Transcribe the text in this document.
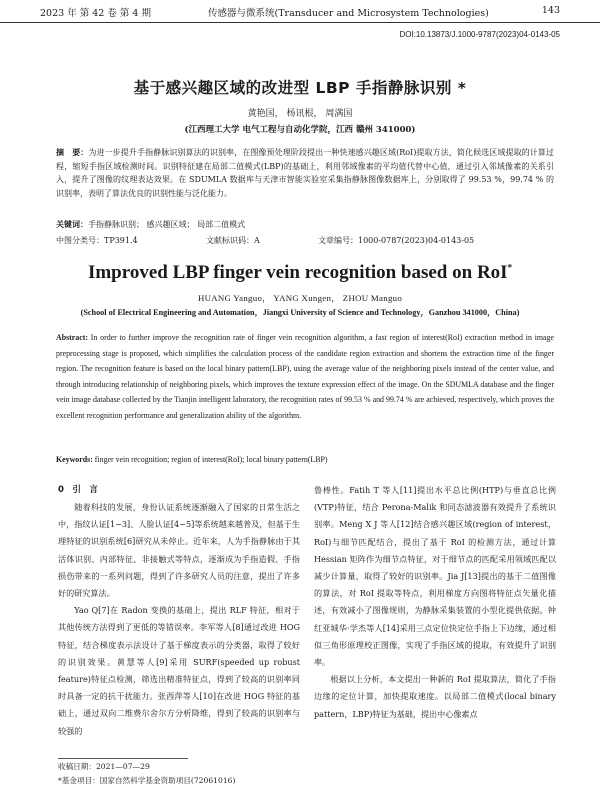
2023 年 第 42 卷 第 4 期	传感器与微系统(Transducer and Microsystem Technologies)	143
DOI:10.13873/J.1000-9787(2023)04-0143-05
基于感兴趣区域的改进型 LBP 手指静脉识别 *
黄艳国， 杨讯根， 周满国
(江西理工大学 电气工程与自动化学院，江西 赣州 341000)
摘　要：为进一步提升手指静脉识别算法的识别率，在图像预处理阶段提出一种快速感兴趣区域(RoI)提取方法，简化候选区域提取的计算过程，缩短手指区域检测时间。识别特征建在局部二值模式(LBP)的基础上，利用邻域像素的平均值代替中心值，通过引入邻域像素的关系引入，提升了图像的纹理表达效果。在 SDUMLA 数据库与天津市智能实验室采集指静脉图像数据库上，分别取得了 99.53 %，99.74 % 的识别率，表明了算法优良的识别性能与泛化能力。
关键词：手指静脉识别； 感兴趣区域； 局部二值模式
中图分类号：TP391.4	文献标识码：A	文章编号：1000-0787(2023)04-0143-05
Improved LBP finger vein recognition based on RoI*
HUANG Yanguo， YANG Xungen， ZHOU Manguo
(School of Electrical Engineering and Automation，Jiangxi University of Science and Technology，Ganzhou 341000，China)
Abstract: In order to further improve the recognition rate of finger vein recognition algorithm, a fast region of interest(RoI) extraction method in image preprocessing stage is proposed, which simplifies the calculation process of the candidate region extraction and shortens the extraction time of the finger region. The recognition feature is based on the local binary pattern(LBP), using the average value of the neighboring pixels instead of the center value, and through introducing relationship of neighboring pixels, which improves the texture expression effect of the image. On the SDUMLA database and the finger vein image database collected by the Tianjin intelligent laboratory, the recognition rates of 99.53 % and 99.74 % are achieved, respectively, which proves the excellent recognition performance and generalization ability of the algorithm.
Keywords: finger vein recognition; region of interest(RoI); local binary pattern(LBP)
0　引　言

随着科技的发展，身份认证系统逐渐融入了国家的日常生活之中，指纹认证[1~3]、人脸认证[4~5]等系统越来越普及，但基于生理特征的识别系统[6]研究从未停止。近年来，人为手指静脉由于其活体识别、内部特征、非接触式等特点，逐渐成为手指造假、手指损伤带来的一系列问题，得到了许多研究人员的注意，提出了许多好的研究算法。

Yao Q[7]在 Radon 变换的基础上，提出 RLF 特征，相对于其他传统方法得到了更低的等错误率。李军等人[8]通过改进 HOG 特征，结合梯度表示法设计了基于梯度表示的分类器，取得了较好的识别效果。黄慧等人[9]采用 SURF(speeded up robust feature)特征点检测，筛选出精准特征点，得到了较高的识别率同时具备一定的抗干扰能力。张西萍等人[10]在改进 HOG 特征的基础上，通过双向二维费尔舍尔方分析降维，得到了较高的识别率与较强的

鲁棒性。Fatih T 等人[11]提出水平总比例(HTP)与垂直总比例(VTP)特征，结合 Perona-Malik 和同态滤波器有效提升了系统识别率。Meng X J 等人[12]结合感兴趣区域(region of interest，RoI)与细节匹配结合，提出了基于 RoI 的检测方法，通过计算 Hessian 矩阵作为细节点特征，对于细节点的匹配采用领域匹配以减少计算量，取得了较好的识别率。Jia J[13]提出的基于二值图像的算法，对 RoI 提取等特点，利用梯度方向图将特征点矢量化描述，有效减小了图像规则，为静脉采集装置的小型化提供依据。钟红亚城华·学杰等人[14]采用三点定位快定位手指上下边缘，通过相似三角形原理校正图像，实现了手指区域的提取，有效提升了识别率。

根据以上分析，本文提出一种新的 RoI 提取算法，简化了手指边缘的定位计算，加快提取速度。以局部二值模式(local binary pattern，LBP)特征为基础，提出中心像素点

收稿日期：2021—07—29
*基金项目：国家自然科学基金资助项目(72061016)
